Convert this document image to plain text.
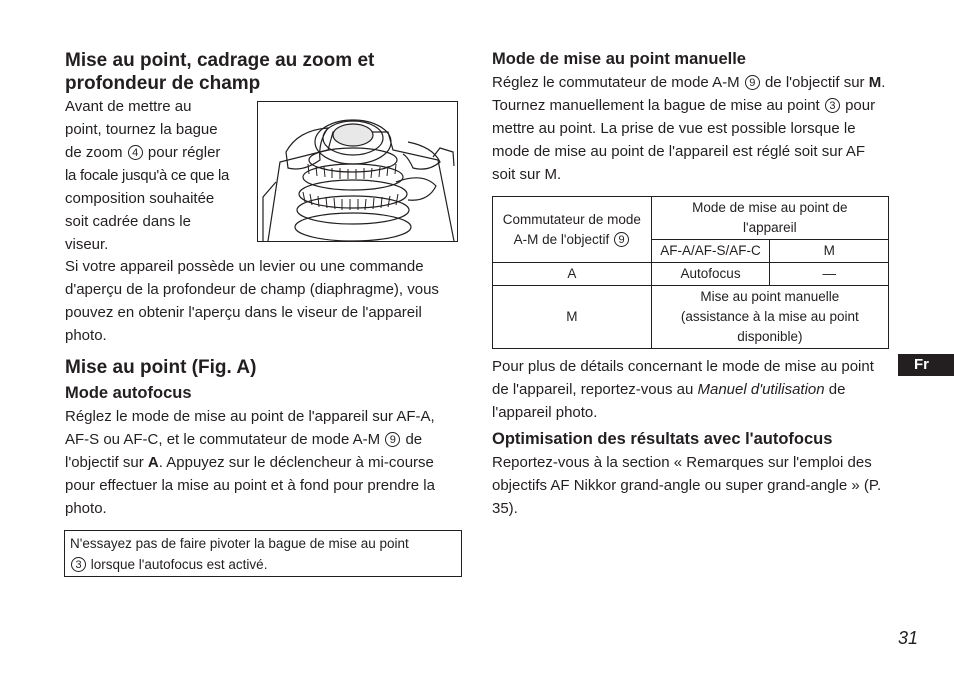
Mise au point, cadrage au zoom et profondeur de champ
Avant de mettre au
point, tournez la bague
de zoom 4 pour régler
la focale jusqu'à ce que la
composition souhaitée
soit cadrée dans le
viseur.
Si votre appareil possède un levier ou une commande d'aperçu de la profondeur de champ (diaphragme), vous pouvez en obtenir l'aperçu dans le viseur de l'appareil photo.
Mise au point (Fig. A)
Mode autofocus
Réglez le mode de mise au point de l'appareil sur AF-A, AF-S ou AF-C, et le commutateur de mode A-M 9 de l'objectif sur A. Appuyez sur le déclencheur à mi-course pour effectuer la mise au point et à fond pour prendre la photo.
N'essayez pas de faire pivoter la bague de mise au point
3 lorsque l'autofocus est activé.
Mode de mise au point manuelle
Réglez le commutateur de mode A-M 9 de l'objectif sur M. Tournez manuellement la bague de mise au point 3 pour mettre au point. La prise de vue est possible lorsque le mode de mise au point de l'appareil est réglé soit sur AF soit sur M.
Commutateur de mode A-M de l'objectif 9	Mode de mise au point de l'appareil	
	AF-A/AF-S/AF-C	M
A	Autofocus	—
M	Mise au point manuelle (assistance à la mise au point disponible)	
Pour plus de détails concernant le mode de mise au point de l'appareil, reportez-vous au Manuel d'utilisation de l'appareil photo.
Optimisation des résultats avec l'autofocus
Reportez-vous à la section « Remarques sur l'emploi des objectifs AF Nikkor grand-angle ou super grand-angle » (P. 35).
Fr
31
